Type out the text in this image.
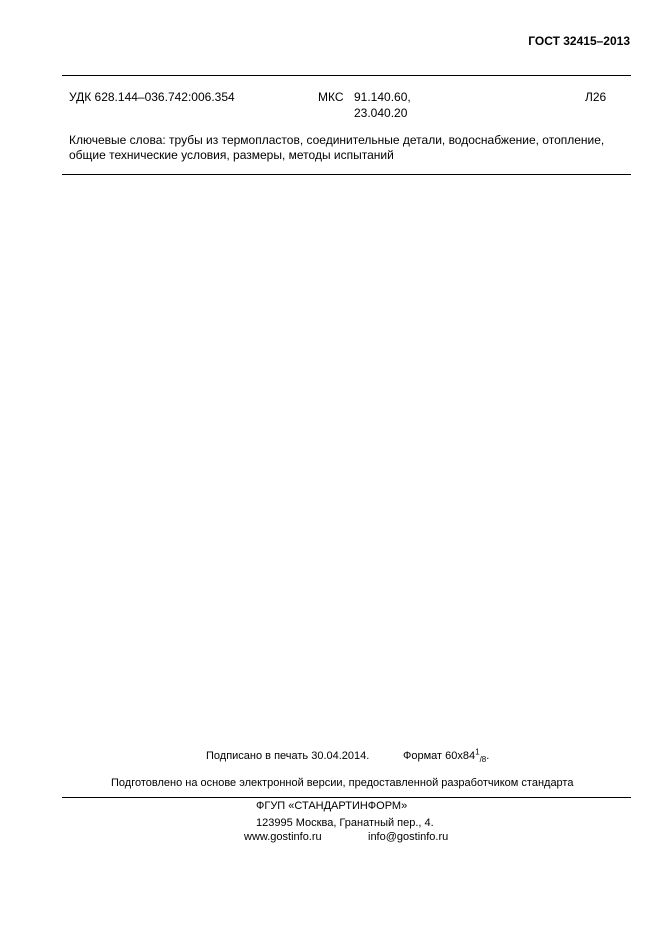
ГОСТ 32415–2013
УДК 628.144–036.742:006.354	МКС 91.140.60,
23.040.20
Л26
Ключевые слова: трубы из термопластов, соединительные детали, водоснабжение, отопление,
общие технические условия, размеры, методы испытаний
Подписано в печать 30.04.2014.	Формат $60x84^1_{/8}$.
Подготовлено на основе электронной версии, предоставленной разработчиком стандарта
ФГУП «СТАНДАРТИНФОРМ»
123995 Москва, Гранатный пер., 4.
www.gostinfo.ru	info@gostinfo.ru
